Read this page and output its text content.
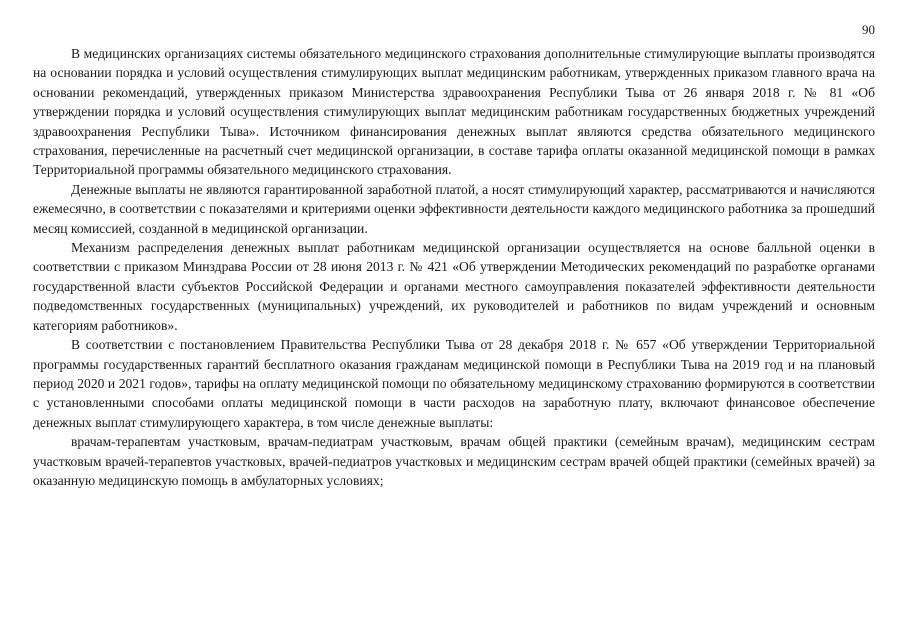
90

В медицинских организациях системы обязательного медицинского страхования дополнительные стимулирующие выплаты производятся на основании порядка и условий осуществления стимулирующих выплат медицинским работникам, утвержденных приказом главного врача на основании рекомендаций, утвержденных приказом Министерства здравоохранения Республики Тыва от 26 января 2018 г. № 81 «Об утверждении порядка и условий осуществления стимулирующих выплат медицинским работникам государственных бюджетных учреждений здравоохранения Республики Тыва». Источником финансирования денежных выплат являются средства обязательного медицинского страхования, перечисленные на расчетный счет медицинской организации, в составе тарифа оплаты оказанной медицинской помощи в рамках Территориальной программы обязательного медицинского страхования.

Денежные выплаты не являются гарантированной заработной платой, а носят стимулирующий характер, рассматриваются и начисляются ежемесячно, в соответствии с показателями и критериями оценки эффективности деятельности каждого медицинского работника за прошедший месяц комиссией, созданной в медицинской организации.

Механизм распределения денежных выплат работникам медицинской организации осуществляется на основе балльной оценки в соответствии с приказом Минздрава России от 28 июня 2013 г. № 421 «Об утверждении Методических рекомендаций по разработке органами государственной власти субъектов Российской Федерации и органами местного самоуправления показателей эффективности деятельности подведомственных государственных (муниципальных) учреждений, их руководителей и работников по видам учреждений и основным категориям работников».

В соответствии с постановлением Правительства Республики Тыва от 28 декабря 2018 г. № 657 «Об утверждении Территориальной программы государственных гарантий бесплатного оказания гражданам медицинской помощи в Республики Тыва на 2019 год и на плановый период 2020 и 2021 годов», тарифы на оплату медицинской помощи по обязательному медицинскому страхованию формируются в соответствии с установленными способами оплаты медицинской помощи в части расходов на заработную плату, включают финансовое обеспечение денежных выплат стимулирующего характера, в том числе денежные выплаты:

врачам-терапевтам участковым, врачам-педиатрам участковым, врачам общей практики (семейным врачам), медицинским сестрам участковым врачей-терапевтов участковых, врачей-педиатров участковых и медицинским сестрам врачей общей практики (семейных врачей) за оказанную медицинскую помощь в амбулаторных условиях;
